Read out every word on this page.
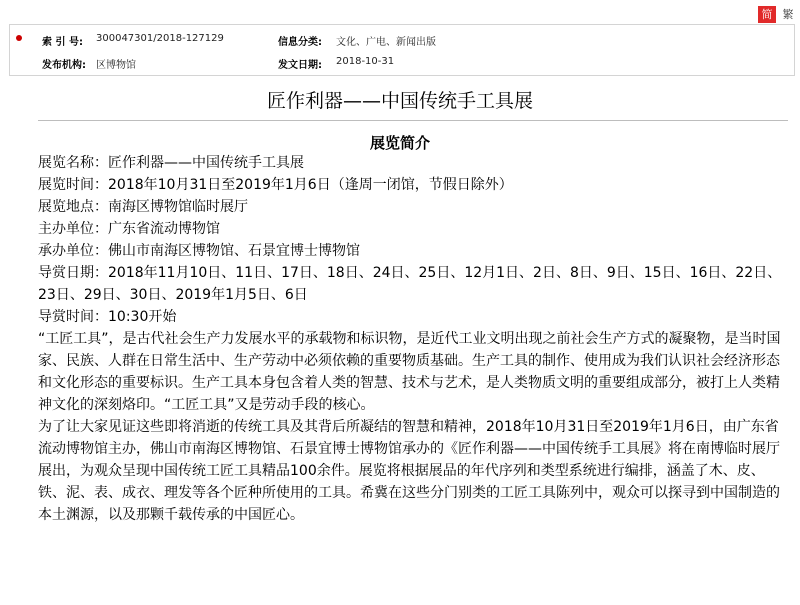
简 繁
索 引 号: 300047301/2018-127129	信息分类: 文化、广电、新闻出版
发布机构: 区博物馆	发文日期: 2018-10-31
匠作利器——中国传统手工具展
展览简介

展览名称：匠作利器——中国传统手工具展

展览时间：2018年10月31日至2019年1月6日（逢周一闭馆，节假日除外）

展览地点：南海区博物馆临时展厅

主办单位：广东省流动博物馆

承办单位：佛山市南海区博物馆、石景宜博士博物馆

导赏日期：2018年11月10日、11日、17日、18日、24日、25日、12月1日、2日、8日、9日、15日、16日、22日、23日、29日、30日、2019年1月5日、6日

导赏时间：10:30开始

“工匠工具”，是古代社会生产力发展水平的承载物和标识物，是近代工业文明出现之前社会生产方式的凝聚物，是当时国家、民族、人群在日常生活中、生产劳动中必须依赖的重要物质基础。生产工具的制作、使用成为我们认识社会经济形态和文化形态的重要标识。生产工具本身包含着人类的智慧、技术与艺术，是人类物质文明的重要组成部分，被打上人类精神文化的深刻烙印。“工匠工具”又是劳动手段的核心。

为了让大家见证这些即将消逝的传统工具及其背后所凝结的智慧和精神，2018年10月31日至2019年1月6日，由广东省流动博物馆主办，佛山市南海区博物馆、石景宜博士博物馆承办的《匠作利器——中国传统手工具展》将在南博临时展厅展出，为观众呈现中国传统工匠工具精品100余件。展览将根据展品的年代序列和类型系统进行编排，涵盖了木、皮、铁、泥、表、成衣、理发等各个匠种所使用的工具。希冀在这些分门别类的工匠工具陈列中，观众可以探寻到中国制造的本土渊源，以及那颗千载传承的中国匠心。
